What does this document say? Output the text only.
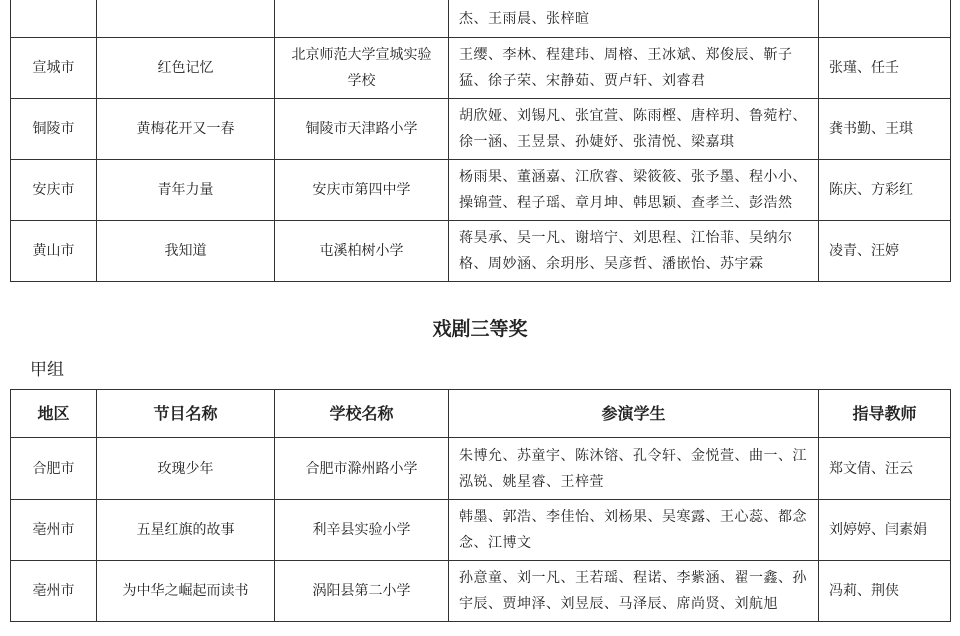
			杰、王雨晨、张梓暄	
宣城市	红色记忆	北京师范大学宣城实验学校	王缨、李林、程建玮、周榕、王冰斌、郑俊辰、靳子猛、徐子荣、宋静茹、贾卢轩、刘睿君	张瑾、任壬
铜陵市	黄梅花开又一春	铜陵市天津路小学	胡欣娅、刘锡凡、张宜萱、陈雨樫、唐梓玥、鲁菀柠、徐一涵、王昱景、孙婕妤、张清悦、梁嘉琪	龚书勤、王琪
安庆市	青年力量	安庆市第四中学	杨雨果、董涵嘉、江欣睿、梁筱筱、张予墨、程小小、操锦萱、程子瑶、章月坤、韩思颖、查孝兰、彭浩然	陈庆、方彩红
黄山市	我知道	屯溪柏树小学	蒋昊承、吴一凡、谢培宁、刘思程、江怡菲、吴纳尔格、周妙涵、余玥彤、吴彦哲、潘嵌怡、苏宇霖	凌青、汪婷
戏剧三等奖
甲组
地区	节目名称	学校名称	参演学生	指导教师
合肥市	玫瑰少年	合肥市滁州路小学	朱博允、苏童宇、陈沐镕、孔令轩、金悦萱、曲一、江泓锐、姚星睿、王梓萱	郑文倩、汪云
亳州市	五星红旗的故事	利辛县实验小学	韩墨、郭浩、李佳怡、刘杨果、吴寒露、王心蕊、都念念、江博文	刘婷婷、闫素娟
亳州市	为中华之崛起而读书	涡阳县第二小学	孙意童、刘一凡、王若瑶、程诺、李紫涵、翟一鑫、孙宇辰、贾坤泽、刘昱辰、马泽辰、席尚贤、刘航旭	冯莉、荆侠
